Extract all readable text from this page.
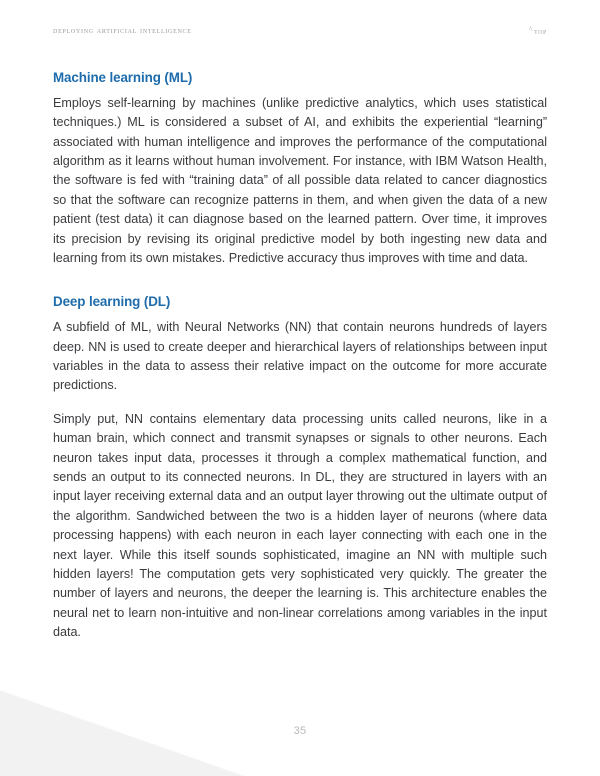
deploying artificial intelligence	^ top
Machine learning (ML)

Employs self-learning by machines (unlike predictive analytics, which uses statistical techniques.) ML is considered a subset of AI, and exhibits the experiential “learning” associated with human intelligence and improves the performance of the computational algorithm as it learns without human involvement. For instance, with IBM Watson Health, the software is fed with “training data” of all possible data related to cancer diagnostics so that the software can recognize patterns in them, and when given the data of a new patient (test data) it can diagnose based on the learned pattern. Over time, it improves its precision by revising its original predictive model by both ingesting new data and learning from its own mistakes. Predictive accuracy thus improves with time and data.

Deep learning (DL)

A subfield of ML, with Neural Networks (NN) that contain neurons hundreds of layers deep. NN is used to create deeper and hierarchical layers of relationships between input variables in the data to assess their relative impact on the outcome for more accurate predictions.

Simply put, NN contains elementary data processing units called neurons, like in a human brain, which connect and transmit synapses or signals to other neurons. Each neuron takes input data, processes it through a complex mathematical function, and sends an output to its connected neurons. In DL, they are structured in layers with an input layer receiving external data and an output layer throwing out the ultimate output of the algorithm. Sandwiched between the two is a hidden layer of neurons (where data processing happens) with each neuron in each layer connecting with each one in the next layer. While this itself sounds sophisticated, imagine an NN with multiple such hidden layers! The computation gets very sophisticated very quickly. The greater the number of layers and neurons, the deeper the learning is. This architecture enables the neural net to learn non-intuitive and non-linear correlations among variables in the input data.

35
